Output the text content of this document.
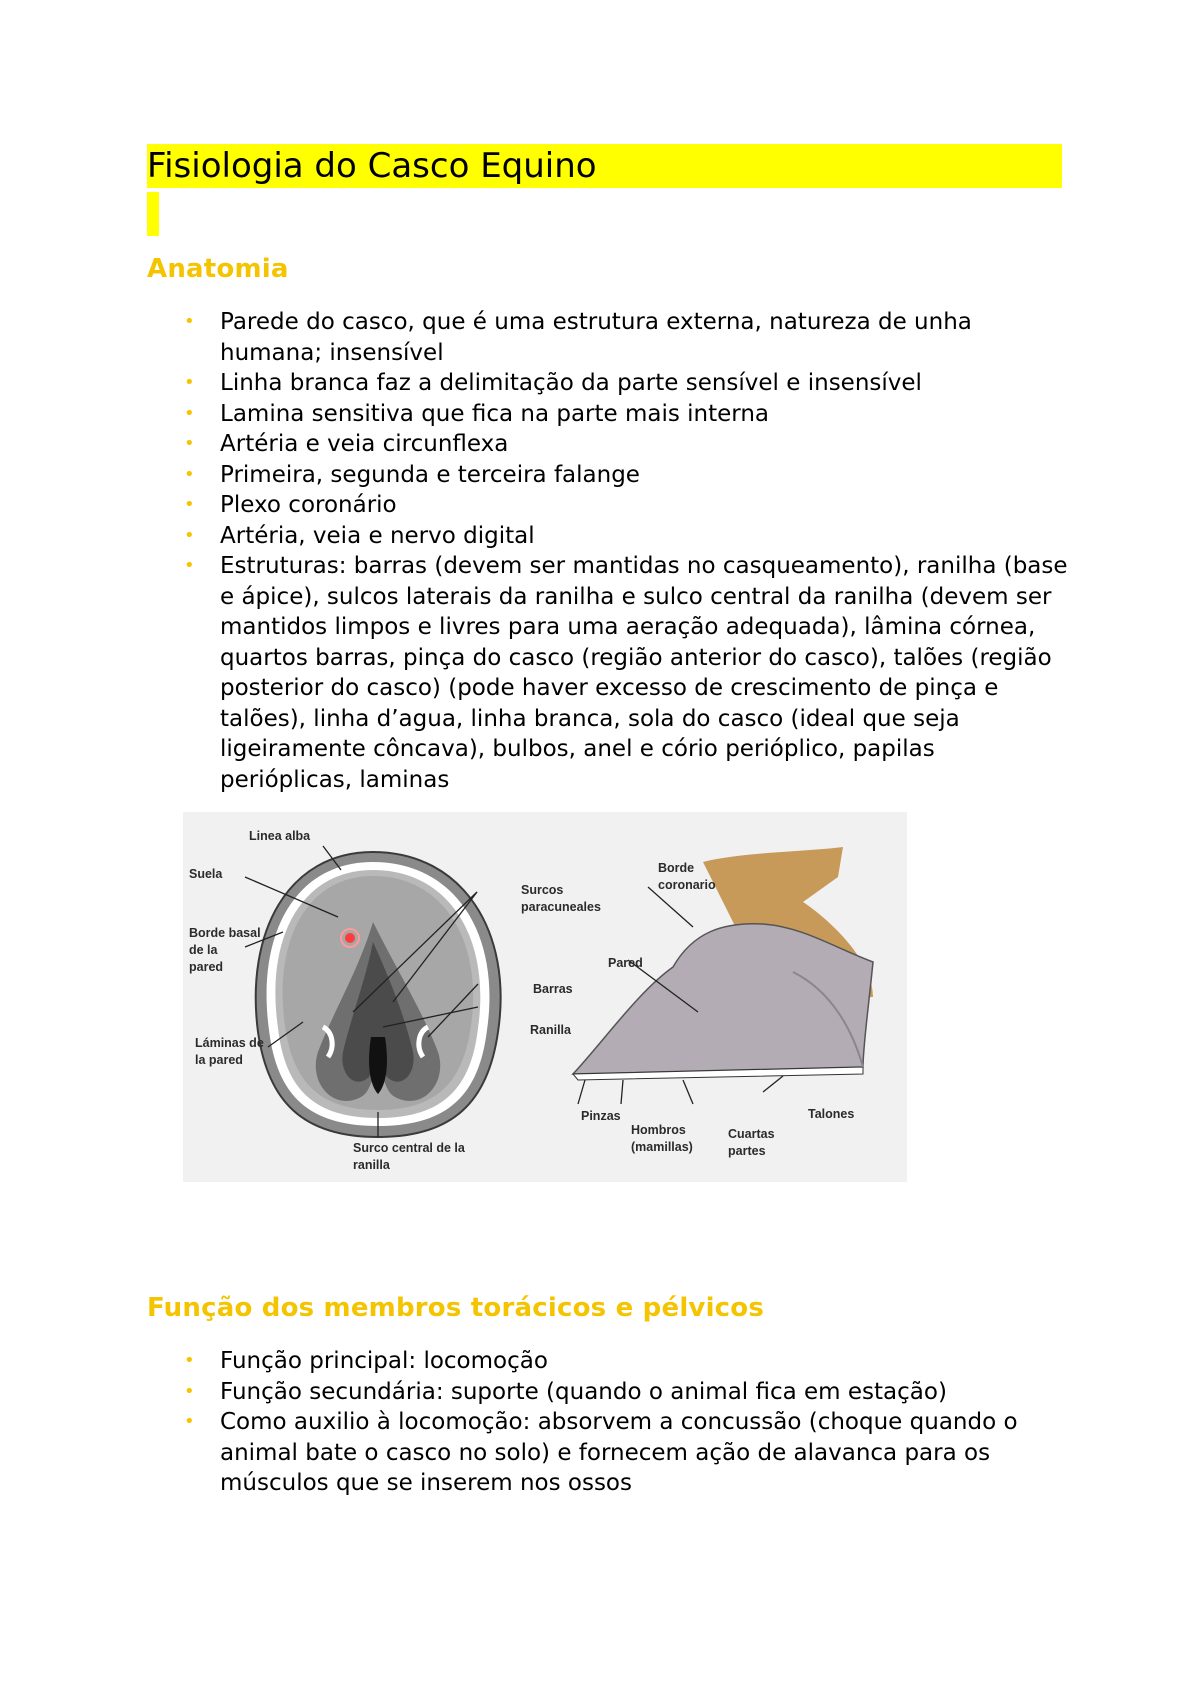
Fisiologia do Casco Equino
Anatomia
• Parede do casco, que é uma estrutura externa, natureza de unha humana; insensível
• Linha branca faz a delimitação da parte sensível e insensível
• Lamina sensitiva que fica na parte mais interna
• Artéria e veia circunflexa
• Primeira, segunda e terceira falange
• Plexo coronário
• Artéria, veia e nervo digital
• Estruturas: barras (devem ser mantidas no casqueamento), ranilha (base e ápice), sulcos laterais da ranilha e sulco central da ranilha (devem ser mantidos limpos e livres para uma aeração adequada), lâmina córnea, quartos barras, pinça do casco (região anterior do casco), talões (região posterior do casco) (pode haver excesso de crescimento de pinça e talões), linha d’agua, linha branca, sola do casco (ideal que seja ligeiramente côncava), bulbos, anel e cório perióplico, papilas perióplicas, laminas
Linea alba
Suela
Borde basal
de la
pared
Surcos
paracuneales
Barras
Ranilla
Láminas de
la pared
Surco central de la
ranilla
Borde
coronario
Pared
Pinzas
Hombros
(mamillas)
Cuartas
partes
Talones
Função dos membros torácicos e pélvicos
• Função principal: locomoção
• Função secundária: suporte (quando o animal fica em estação)
• Como auxilio à locomoção: absorvem a concussão (choque quando o animal bate o casco no solo) e fornecem ação de alavanca para os músculos que se inserem nos ossos
